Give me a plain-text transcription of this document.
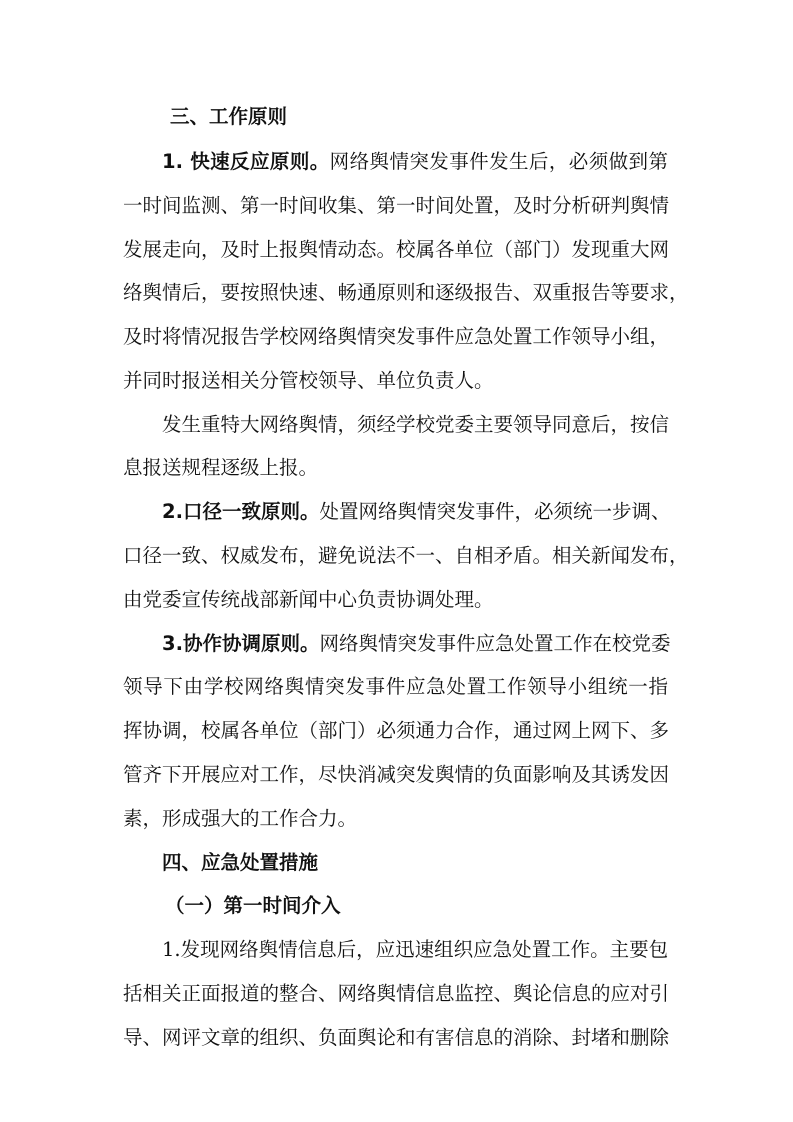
三、工作原则
1. 快速反应原则。网络舆情突发事件发生后，必须做到第
一时间监测、第一时间收集、第一时间处置，及时分析研判舆情
发展走向，及时上报舆情动态。校属各单位（部门）发现重大网
络舆情后，要按照快速、畅通原则和逐级报告、双重报告等要求，
及时将情况报告学校网络舆情突发事件应急处置工作领导小组，
并同时报送相关分管校领导、单位负责人。
发生重特大网络舆情，须经学校党委主要领导同意后，按信
息报送规程逐级上报。
2.口径一致原则。处置网络舆情突发事件，必须统一步调、
口径一致、权威发布，避免说法不一、自相矛盾。相关新闻发布，
由党委宣传统战部新闻中心负责协调处理。
3.协作协调原则。网络舆情突发事件应急处置工作在校党委
领导下由学校网络舆情突发事件应急处置工作领导小组统一指
挥协调，校属各单位（部门）必须通力合作，通过网上网下、多
管齐下开展应对工作，尽快消减突发舆情的负面影响及其诱发因
素，形成强大的工作合力。
四、应急处置措施
（一）第一时间介入
1.发现网络舆情信息后，应迅速组织应急处置工作。主要包
括相关正面报道的整合、网络舆情信息监控、舆论信息的应对引
导、网评文章的组织、负面舆论和有害信息的消除、封堵和删除
